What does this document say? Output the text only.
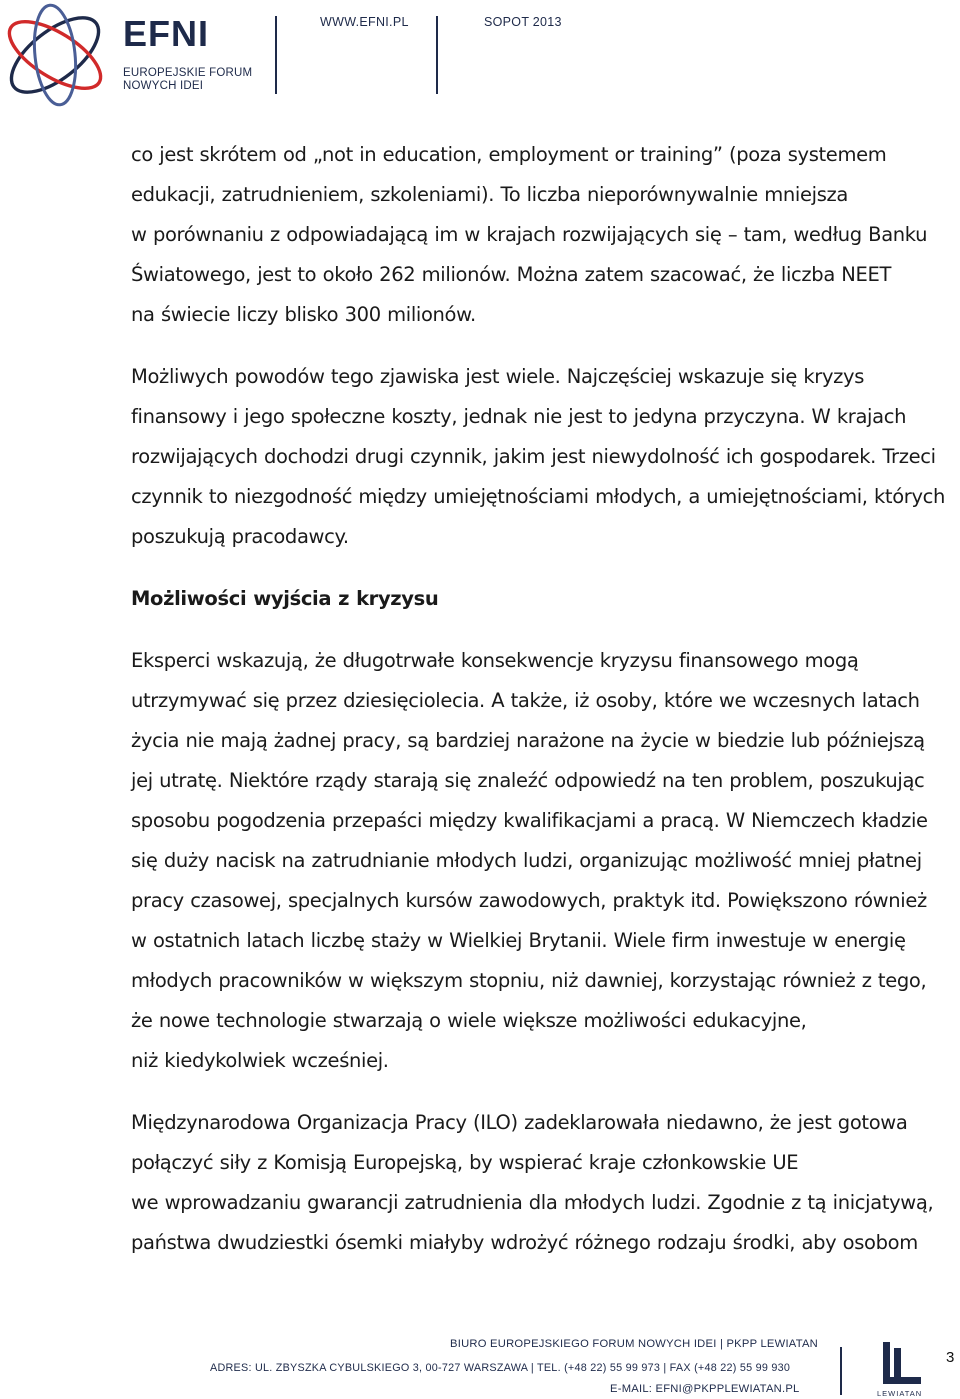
EFNI
EUROPEJSKIE FORUM
NOWYCH IDEI
WWW.EFNI.PL	SOPOT 2013

co jest skrótem od „not in education, employment or training” (poza systemem
edukacji, zatrudnieniem, szkoleniami). To liczba nieporównywalnie mniejsza
w porównaniu z odpowiadającą im w krajach rozwijających się – tam, według Banku
Światowego, jest to około 262 milionów. Można zatem szacować, że liczba NEET
na świecie liczy blisko 300 milionów.

Możliwych powodów tego zjawiska jest wiele. Najczęściej wskazuje się kryzys
finansowy i jego społeczne koszty, jednak nie jest to jedyna przyczyna. W krajach
rozwijających dochodzi drugi czynnik, jakim jest niewydolność ich gospodarek. Trzeci
czynnik to niezgodność między umiejętnościami młodych, a umiejętnościami, których
poszukują pracodawcy.

Możliwości wyjścia z kryzysu

Eksperci wskazują, że długotrwałe konsekwencje kryzysu finansowego mogą
utrzymywać się przez dziesięciolecia. A także, iż osoby, które we wczesnych latach
życia nie mają żadnej pracy, są bardziej narażone na życie w biedzie lub późniejszą
jej utratę. Niektóre rządy starają się znaleźć odpowiedź na ten problem, poszukując
sposobu pogodzenia przepaści między kwalifikacjami a pracą. W Niemczech kładzie
się duży nacisk na zatrudnianie młodych ludzi, organizując możliwość mniej płatnej
pracy czasowej, specjalnych kursów zawodowych, praktyk itd. Powiększono również
w ostatnich latach liczbę staży w Wielkiej Brytanii. Wiele firm inwestuje w energię
młodych pracowników w większym stopniu, niż dawniej, korzystając również z tego,
że nowe technologie stwarzają o wiele większe możliwości edukacyjne,
niż kiedykolwiek wcześniej.

Międzynarodowa Organizacja Pracy (ILO) zadeklarowała niedawno, że jest gotowa
połączyć siły z Komisją Europejską, by wspierać kraje członkowskie UE
we wprowadzaniu gwarancji zatrudnienia dla młodych ludzi. Zgodnie z tą inicjatywą,
państwa dwudziestki ósemki miałyby wdrożyć różnego rodzaju środki, aby osobom

BIURO EUROPEJSKIEGO FORUM NOWYCH IDEI | PKPP LEWIATAN
ADRES: UL. ZBYSZKA CYBULSKIEGO 3, 00-727 WARSZAWA | TEL. (+48 22) 55 99 973 | FAX (+48 22) 55 99 930
E-MAIL: EFNI@PKPPLEWIATAN.PL	LEWIATAN
3
